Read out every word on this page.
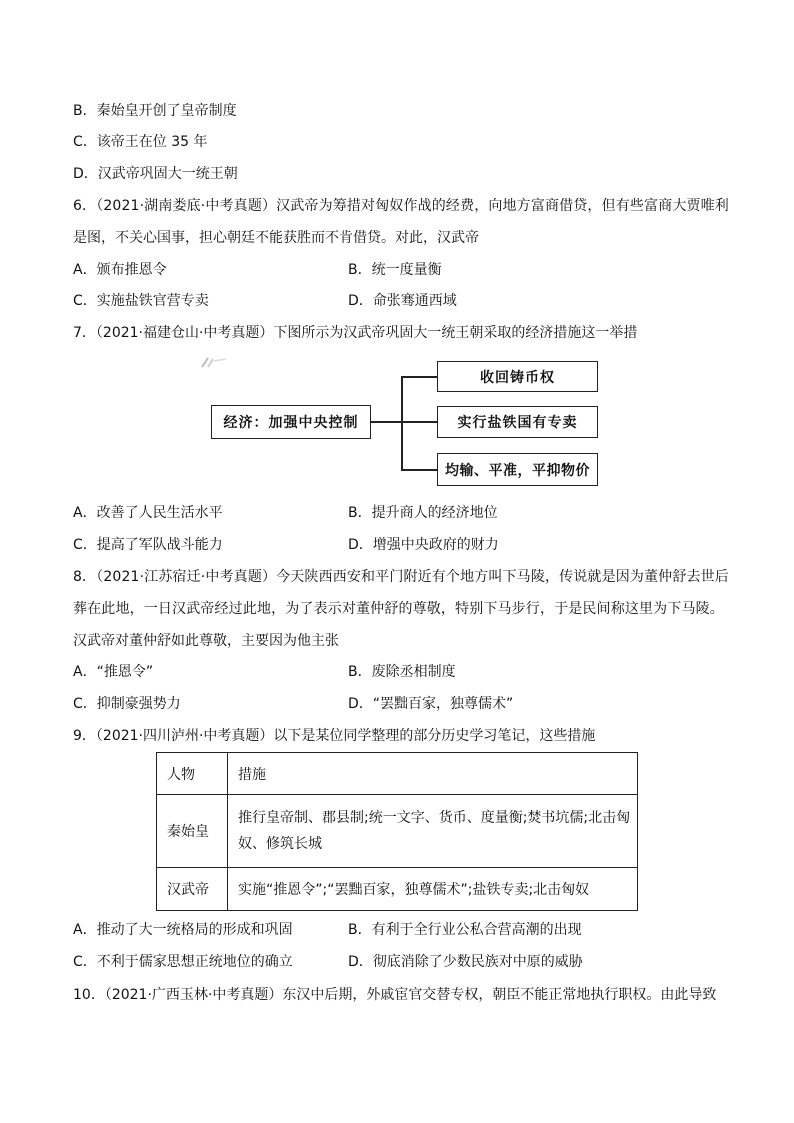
B．秦始皇开创了皇帝制度
C．该帝王在位 35 年
D．汉武帝巩固大一统王朝
6．（2021·湖南娄底·中考真题）汉武帝为筹措对匈奴作战的经费，向地方富商借贷，但有些富商大贾唯利
是图，不关心国事，担心朝廷不能获胜而不肯借贷。对此，汉武帝
A．颁布推恩令	B．统一度量衡
C．实施盐铁官营专卖	D．命张骞通西域
7．（2021·福建仓山·中考真题）下图所示为汉武帝巩固大一统王朝采取的经济措施这一举措
经济：加强中央控制
收回铸币权
实行盐铁国有专卖
均输、平准，平抑物价
A．改善了人民生活水平	B．提升商人的经济地位
C．提高了军队战斗能力	D．增强中央政府的财力
8．（2021·江苏宿迁·中考真题）今天陕西西安和平门附近有个地方叫下马陵，传说就是因为董仲舒去世后
葬在此地，一日汉武帝经过此地，为了表示对董仲舒的尊敬，特别下马步行，于是民间称这里为下马陵。
汉武帝对董仲舒如此尊敬，主要因为他主张
A．“推恩令”	B．废除丞相制度
C．抑制豪强势力	D．“罢黜百家，独尊儒术”
9．（2021·四川泸州·中考真题）以下是某位同学整理的部分历史学习笔记，这些措施
人物	措施
秦始皇	推行皇帝制、郡县制;统一文字、货币、度量衡;焚书坑儒;北击匈
奴、修筑长城

汉武帝	实施“推恩令”;“罢黜百家，独尊儒术”;盐铁专卖;北击匈奴
A．推动了大一统格局的形成和巩固	B．有利于全行业公私合营高潮的出现
C．不利于儒家思想正统地位的确立	D．彻底消除了少数民族对中原的威胁
10．（2021·广西玉林·中考真题）东汉中后期，外戚宦官交替专权，朝臣不能正常地执行职权。由此导致
